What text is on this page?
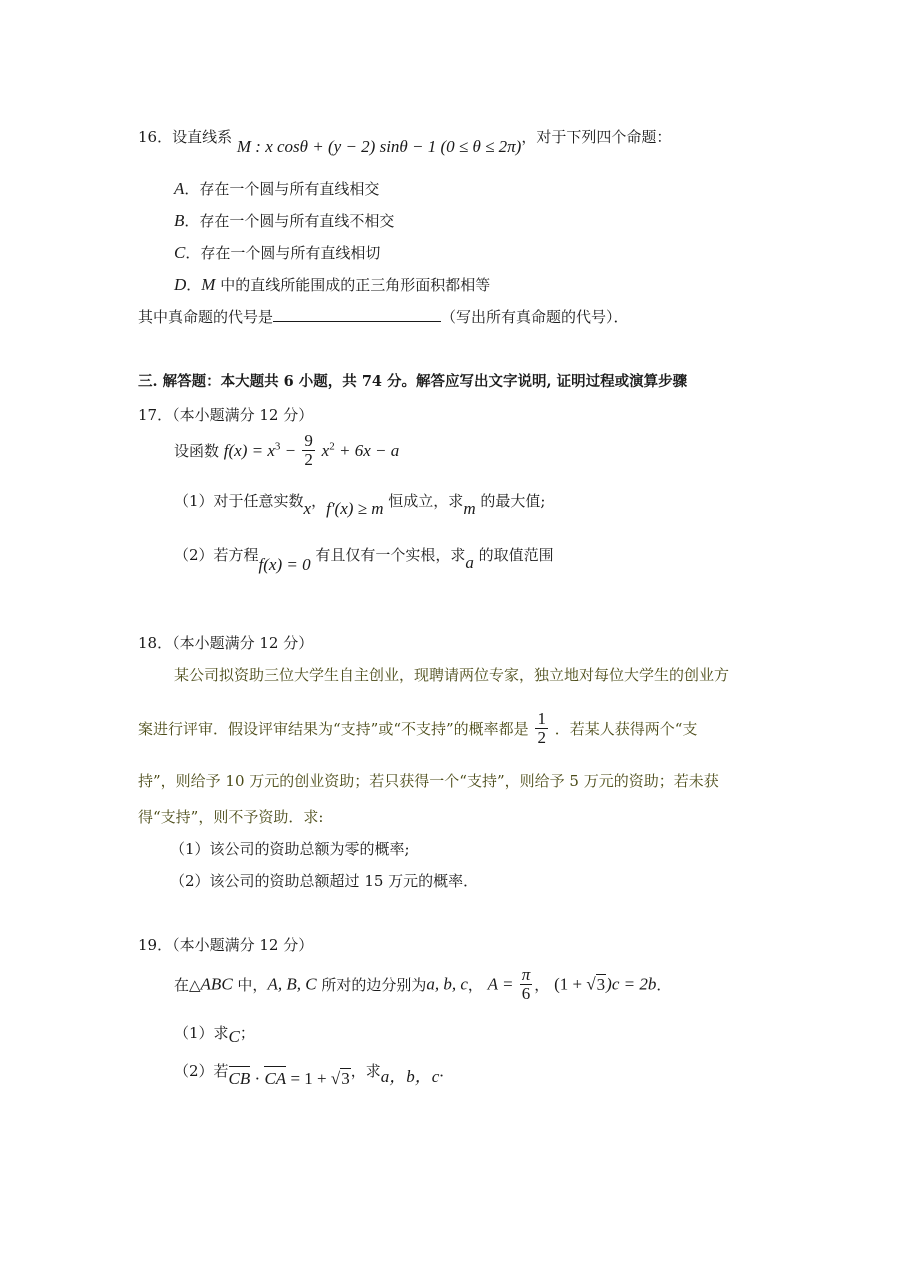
16．设直线系 M : x cosθ + (y − 2) sinθ − 1 (0 ≤ θ ≤ 2π)，对于下列四个命题：
A．存在一个圆与所有直线相交
B．存在一个圆与所有直线不相交
C．存在一个圆与所有直线相切
D．M 中的直线所能围成的正三角形面积都相等
其中真命题的代号是	（写出所有真命题的代号）．
三. 解答题：本大题共 6 小题，共 74 分。解答应写出文字说明, 证明过程或演算步骤
17．（本小题满分 12 分）
设函数 $f(x) = x^3 - \frac{9}{2} x^2 + 6x - a$
（1）对于任意实数x，f′(x) ≥ m 恒成立，求m 的最大值;
（2）若方程f(x) = 0 有且仅有一个实根，求a 的取值范围
18．（本小题满分 12 分）
某公司拟资助三位大学生自主创业，现聘请两位专家，独立地对每位大学生的创业方
案进行评审．假设评审结果为“支持”或“不支持”的概率都是 $\frac{1}{2}$ ．若某人获得两个“支
持”，则给予 10 万元的创业资助；若只获得一个“支持”，则给予 5 万元的资助；若未获
得“支持”，则不予资助．求:
（1）该公司的资助总额为零的概率;
（2）该公司的资助总额超过 15 万元的概率．
19．（本小题满分 12 分）
在△ABC 中，A, B, C 所对的边分别为a, b, c， $A = \frac{\pi}{6}$ ， (1 + √3)c = 2b．
（1）求C；
（2）若CB · CA = 1 + √3，求a，b，c．
